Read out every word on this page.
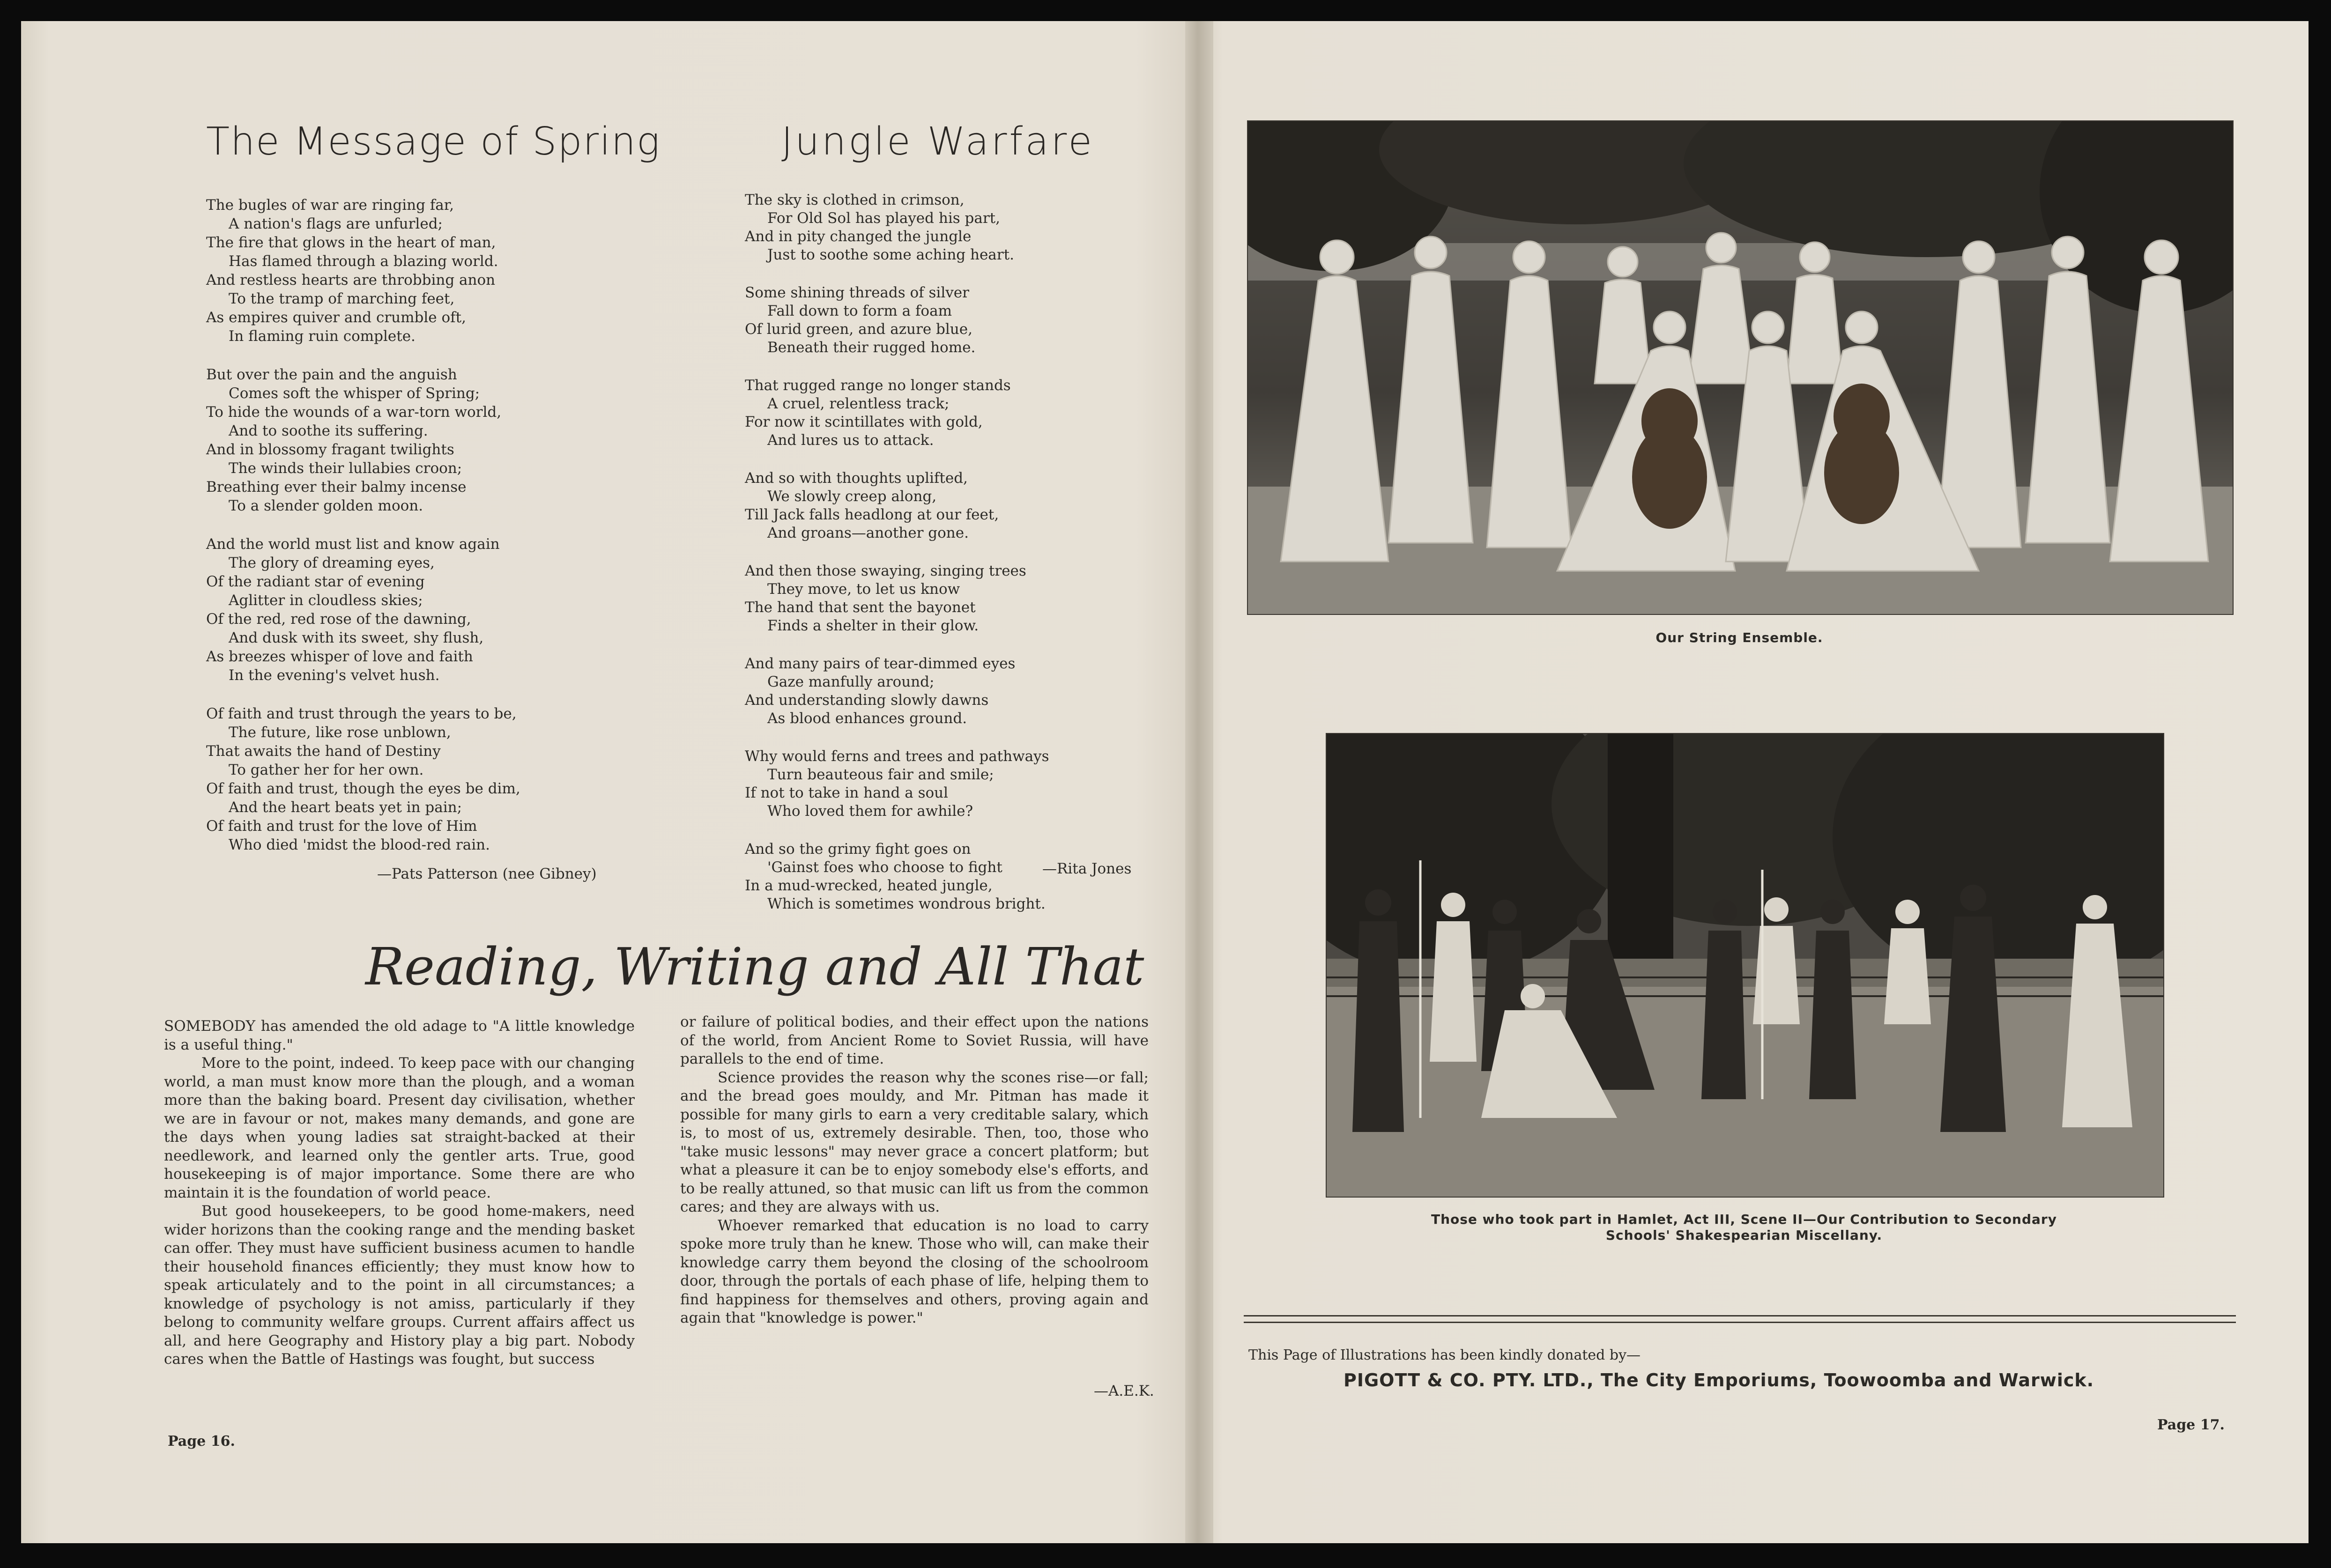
The Message of Spring
The bugles of war are ringing far,
A nation's flags are unfurled;
The fire that glows in the heart of man,
Has flamed through a blazing world.
And restless hearts are throbbing anon
To the tramp of marching feet,
As empires quiver and crumble oft,
In flaming ruin complete.
But over the pain and the anguish
Comes soft the whisper of Spring;
To hide the wounds of a war-torn world,
And to soothe its suffering.
And in blossomy fragant twilights
The winds their lullabies croon;
Breathing ever their balmy incense
To a slender golden moon.
And the world must list and know again
The glory of dreaming eyes,
Of the radiant star of evening
Aglitter in cloudless skies;
Of the red, red rose of the dawning,
And dusk with its sweet, shy flush,
As breezes whisper of love and faith
In the evening's velvet hush.
Of faith and trust through the years to be,
The future, like rose unblown,
That awaits the hand of Destiny
To gather her for her own.
Of faith and trust, though the eyes be dim,
And the heart beats yet in pain;
Of faith and trust for the love of Him
Who died 'midst the blood-red rain.
—Pats Patterson (nee Gibney)
Jungle Warfare
The sky is clothed in crimson,
For Old Sol has played his part,
And in pity changed the jungle
Just to soothe some aching heart.
Some shining threads of silver
Fall down to form a foam
Of lurid green, and azure blue,
Beneath their rugged home.
That rugged range no longer stands
A cruel, relentless track;
For now it scintillates with gold,
And lures us to attack.
And so with thoughts uplifted,
We slowly creep along,
Till Jack falls headlong at our feet,
And groans—another gone.
And then those swaying, singing trees
They move, to let us know
The hand that sent the bayonet
Finds a shelter in their glow.
And many pairs of tear-dimmed eyes
Gaze manfully around;
And understanding slowly dawns
As blood enhances ground.
Why would ferns and trees and pathways
Turn beauteous fair and smile;
If not to take in hand a soul
Who loved them for awhile?
And so the grimy fight goes on
'Gainst foes who choose to fight
In a mud-wrecked, heated jungle,
Which is sometimes wondrous bright.
—Rita Jones
Reading, Writing and All That

SOMEBODY has amended the old adage to "A little knowledge is a useful thing."

More to the point, indeed. To keep pace with our changing world, a man must know more than the plough, and a woman more than the baking board. Present day civilisation, whether we are in favour or not, makes many demands, and gone are the days when young ladies sat straight-backed at their needlework, and learned only the gentler arts. True, good housekeeping is of major importance. Some there are who maintain it is the foundation of world peace.

But good housekeepers, to be good home-makers, need wider horizons than the cooking range and the mending basket can offer. They must have sufficient business acumen to handle their household finances efficiently; they must know how to speak articulately and to the point in all circumstances; a knowledge of psychology is not amiss, particularly if they belong to community welfare groups. Current affairs affect us all, and here Geography and History play a big part. Nobody cares when the Battle of Hastings was fought, but success

or failure of political bodies, and their effect upon the nations of the world, from Ancient Rome to Soviet Russia, will have parallels to the end of time.

Science provides the reason why the scones rise—or fall; and the bread goes mouldy, and Mr. Pitman has made it possible for many girls to earn a very creditable salary, which is, to most of us, extremely desirable. Then, too, those who "take music lessons" may never grace a concert platform; but what a pleasure it can be to enjoy somebody else's efforts, and to be really attuned, so that music can lift us from the common cares; and they are always with us.

Whoever remarked that education is no load to carry spoke more truly than he knew. Those who will, can make their knowledge carry them beyond the closing of the schoolroom door, through the portals of each phase of life, helping them to find happiness for themselves and others, proving again and again that "knowledge is power."

—A.E.K.
Page 16.
Our String Ensemble.
Those who took part in Hamlet, Act III, Scene II—Our Contribution to Secondary
Schools' Shakespearian Miscellany.
This Page of Illustrations has been kindly donated by—
PIGOTT & CO. PTY. LTD., The City Emporiums, Toowoomba and Warwick.
Page 17.
